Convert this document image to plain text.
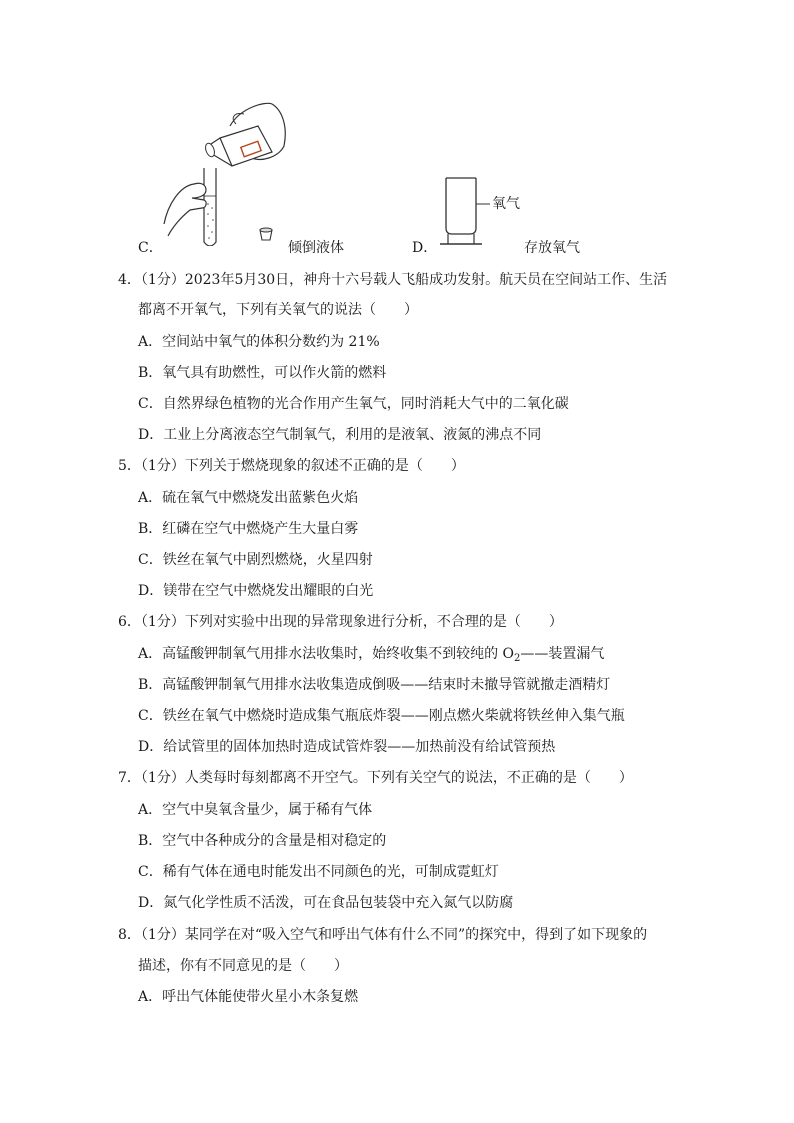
C．	倾倒液体
氧气
D．	存放氧气
4．（1分）2023年5月30日，神舟十六号载人飞船成功发射。航天员在空间站工作、生活
都离不开氧气，下列有关氧气的说法（　　）
A．空间站中氧气的体积分数约为 21%
B．氧气具有助燃性，可以作火箭的燃料
C．自然界绿色植物的光合作用产生氧气，同时消耗大气中的二氧化碳
D．工业上分离液态空气制氧气，利用的是液氧、液氮的沸点不同
5．（1分）下列关于燃烧现象的叙述不正确的是（　　）
A．硫在氧气中燃烧发出蓝紫色火焰
B．红磷在空气中燃烧产生大量白雾
C．铁丝在氧气中剧烈燃烧，火星四射
D．镁带在空气中燃烧发出耀眼的白光
6．（1分）下列对实验中出现的异常现象进行分析，不合理的是（　　）
A．高锰酸钾制氧气用排水法收集时，始终收集不到较纯的 $O_2——$装置漏气
B．高锰酸钾制氧气用排水法收集造成倒吸——结束时未撤导管就撤走酒精灯
C．铁丝在氧气中燃烧时造成集气瓶底炸裂——刚点燃火柴就将铁丝伸入集气瓶
D．给试管里的固体加热时造成试管炸裂——加热前没有给试管预热
7．（1分）人类每时每刻都离不开空气。下列有关空气的说法，不正确的是（　　）
A．空气中臭氧含量少，属于稀有气体
B．空气中各种成分的含量是相对稳定的
C．稀有气体在通电时能发出不同颜色的光，可制成霓虹灯
D．氮气化学性质不活泼，可在食品包装袋中充入氮气以防腐
8．（1分）某同学在对“吸入空气和呼出气体有什么不同”的探究中，得到了如下现象的
描述，你有不同意见的是（　　）
A．呼出气体能使带火星小木条复燃
